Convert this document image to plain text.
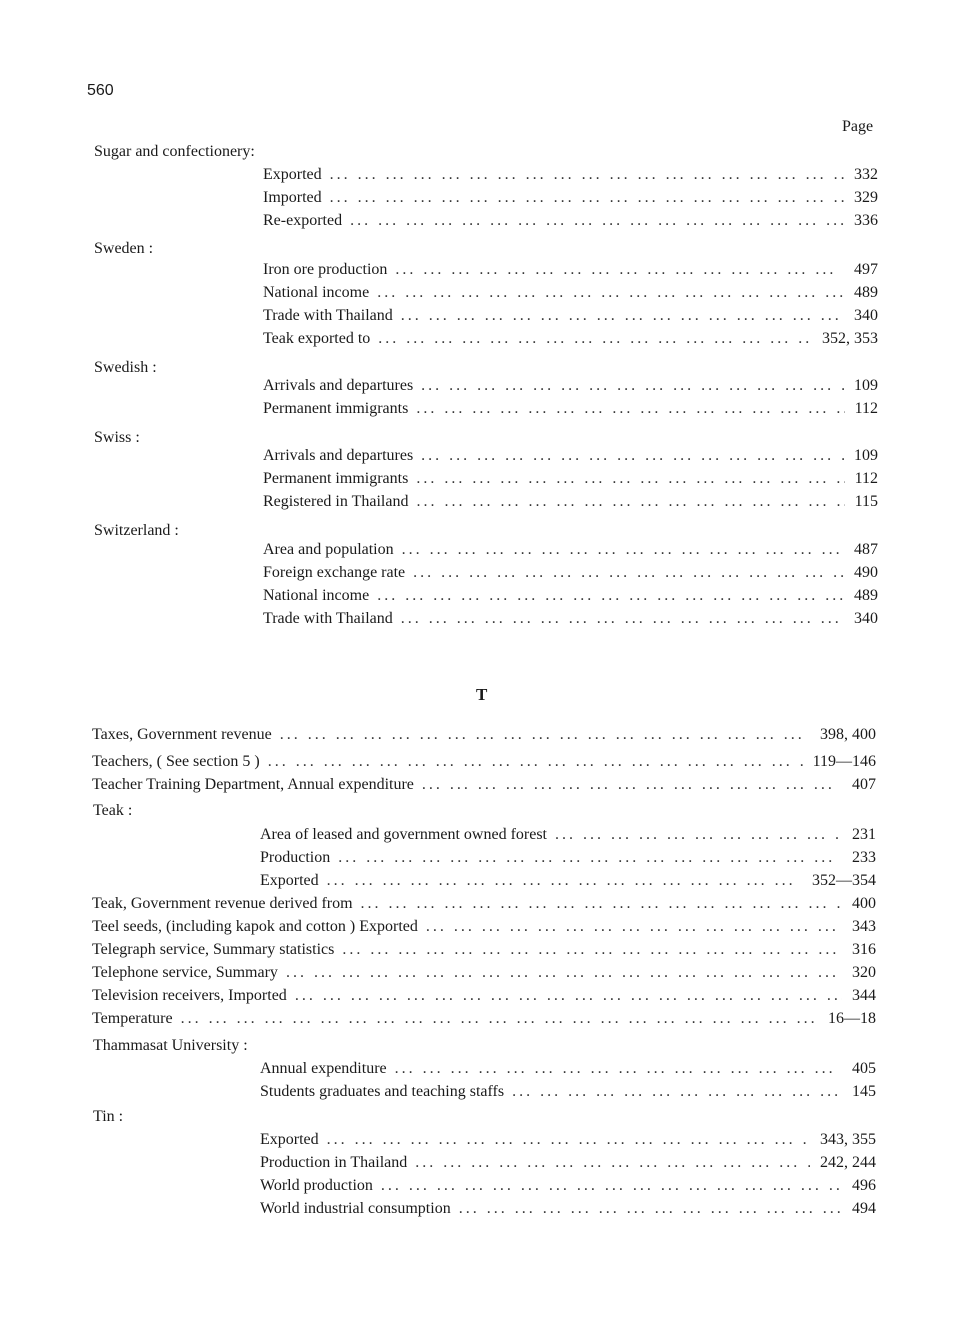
560
Page
T
Sugar and confectionery:
Exported ... .	332
Imported ... .	329
Re-exported ... .	336
Sweden :
Iron ore production ... .	497
National income ... .	489
Trade with Thailand ... .	340
Teak exported to ... .	352, 353
Swedish :
Arrivals and departures ... .	109
Permanent immigrants ... .	112
Swiss :
Arrivals and departures ... .	109
Permanent immigrants ... .	112
Registered in Thailand ... .	115
Switzerland :
Area and population ... .	487
Foreign exchange rate ... .	490
National income ... .	489
Trade with Thailand ... .	340
Taxes, Government revenue ... .	398, 400
Teachers, ( See section 5 ) ... .	119—146
Teacher Training Department, Annual expenditure ... .	407
Teak :
Area of leased and government owned forest ... .	231
Production ... .	233
Exported ... .	352—354
Teak, Government revenue derived from ... .	400
Teel seeds, (including kapok and cotton ) Exported ... .	343
Telegraph service, Summary statistics ... .	316
Telephone service, Summary ... .	320
Television receivers, Imported ... .	344
Temperature ... .	16—18
Thammasat University :
Annual expenditure ... .	405
Students graduates and teaching staffs ... .	145
Tin :
Exported ... .	343, 355
Production in Thailand ... .	242, 244
World production ... .	496
World industrial consumption ... .	494
